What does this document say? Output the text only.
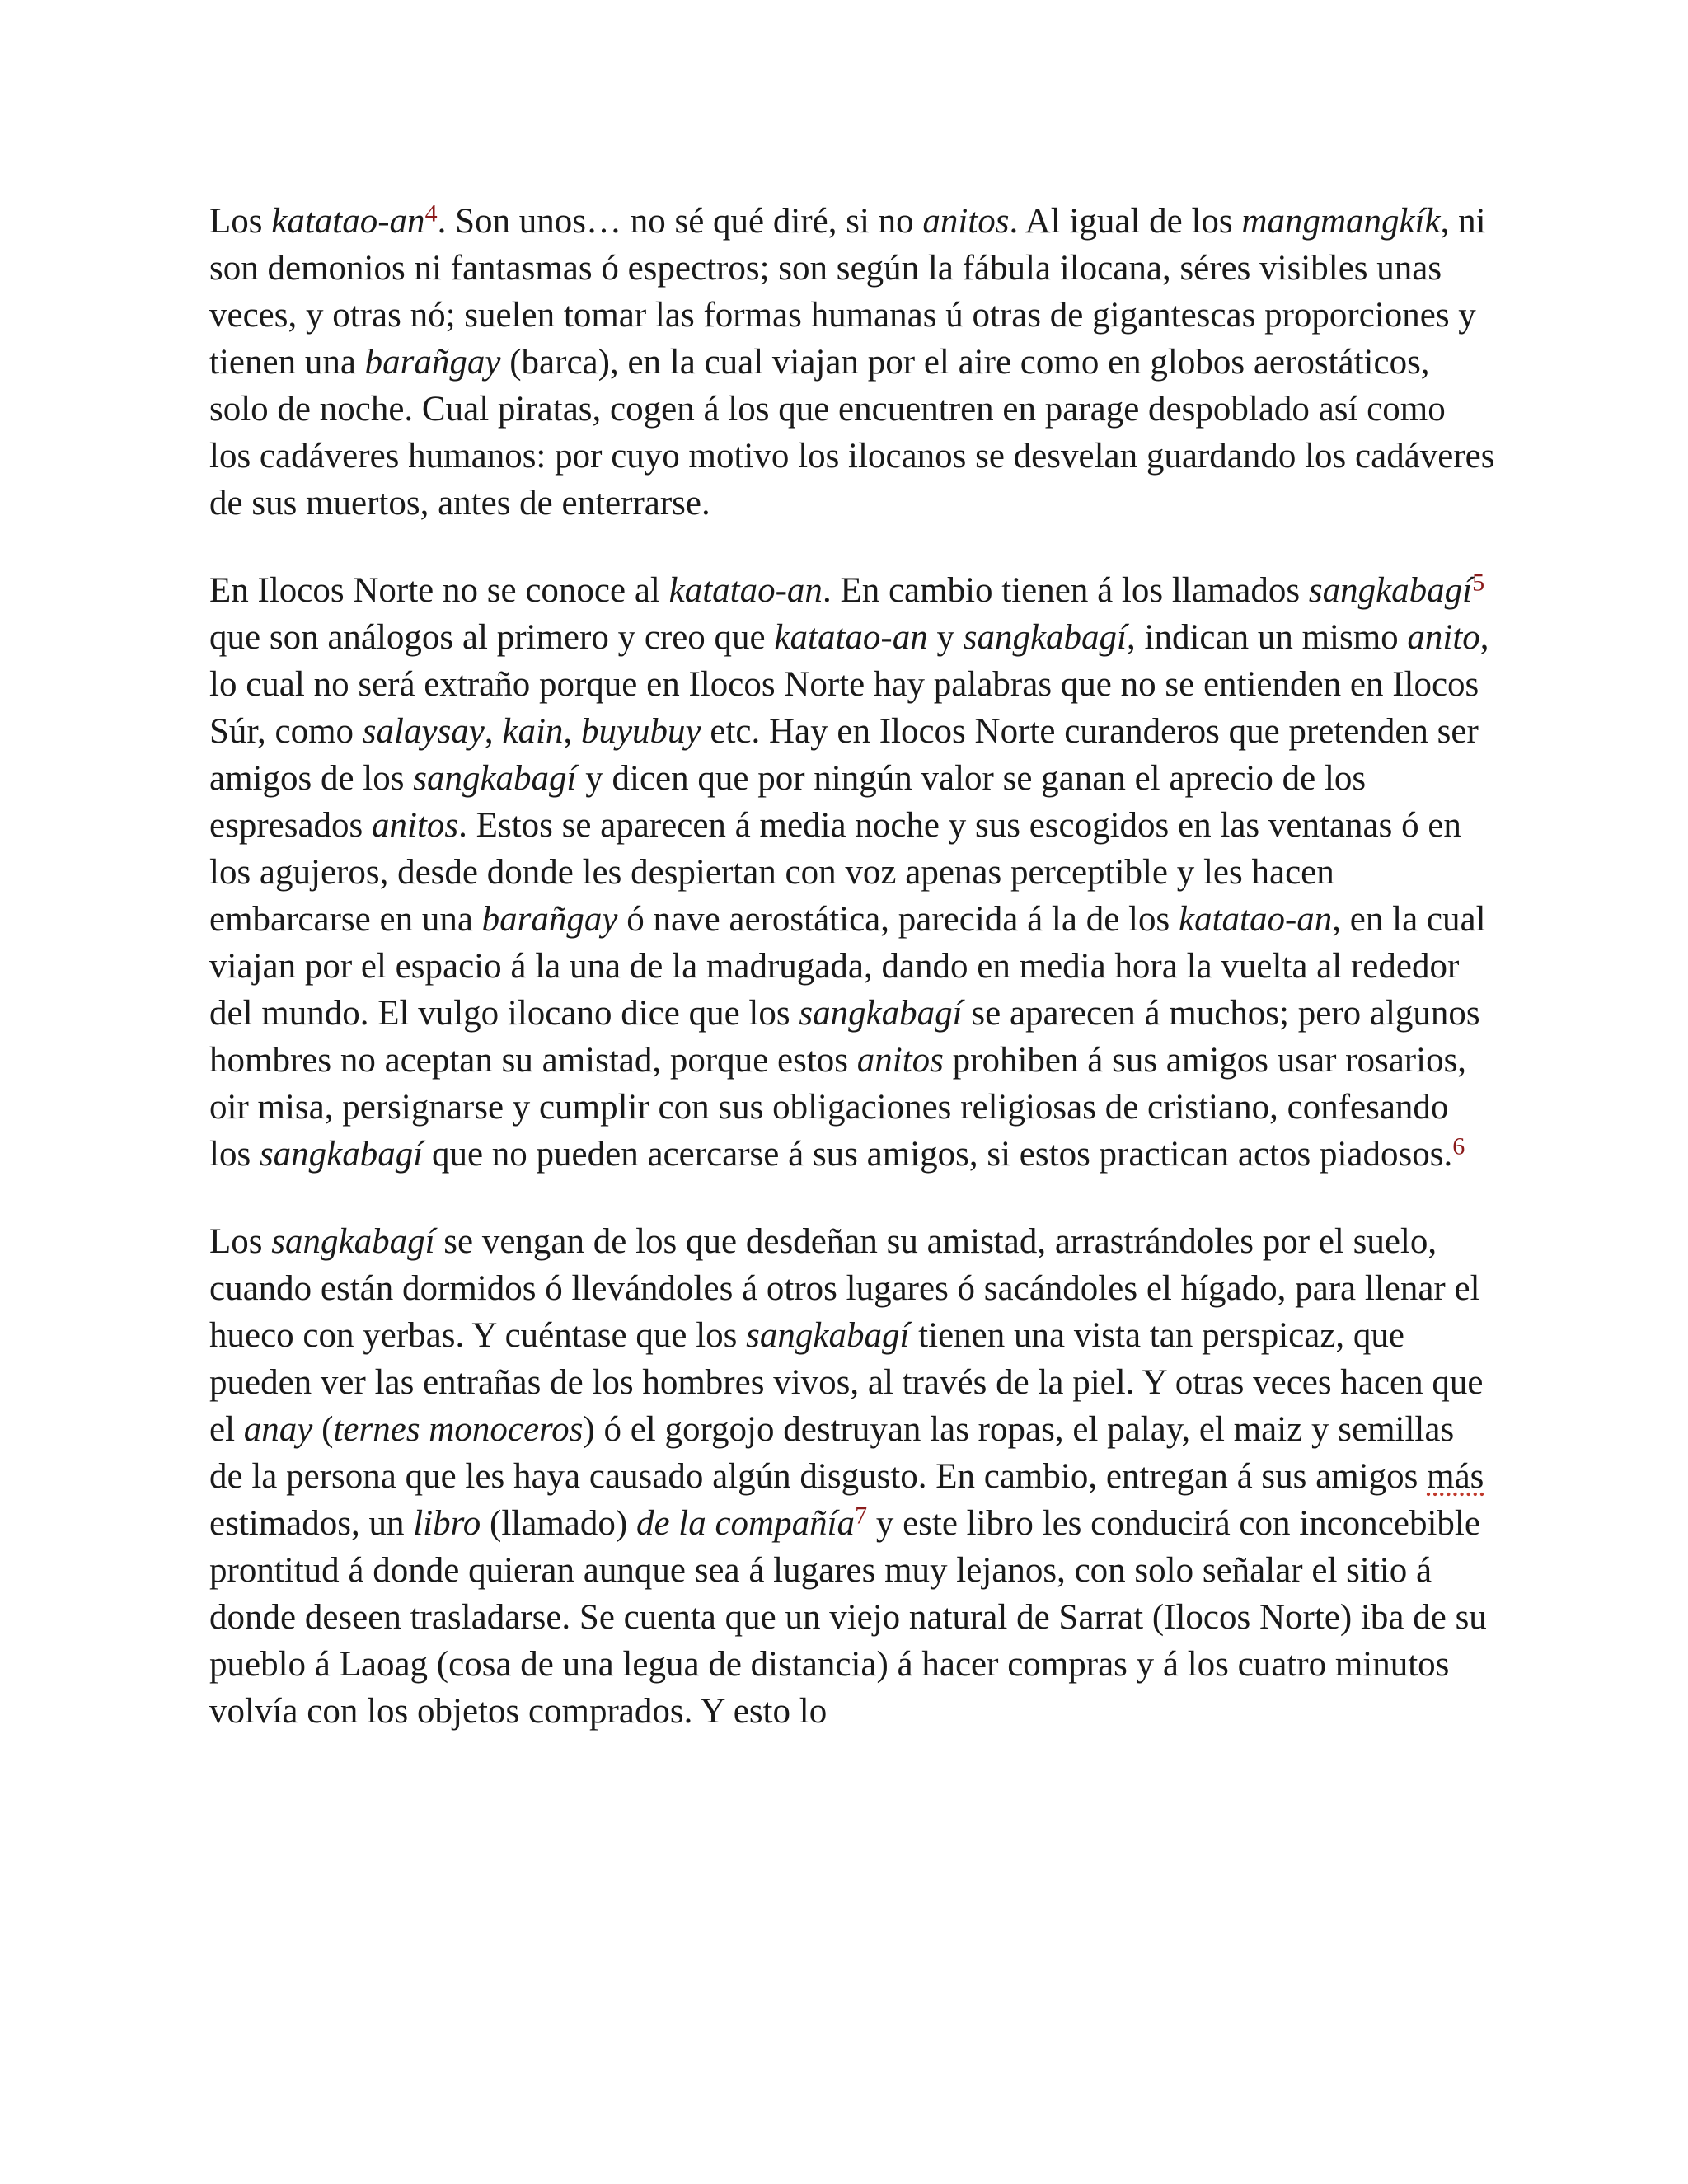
Los katatao-$an^4$. Son unos… no sé qué diré, si no anitos. Al igual de los mangmangkík, ni son demonios ni fantasmas ó espectros; son según la fábula ilocana, séres visibles unas veces, y otras nó; suelen tomar las formas humanas ú otras de gigantescas proporciones y tienen una barañgay (barca), en la cual viajan por el aire como en globos aerostáticos, solo de noche. Cual piratas, cogen á los que encuentren en parage despoblado así como los cadáveres humanos: por cuyo motivo los ilocanos se desvelan guardando los cadáveres de sus muertos, antes de enterrarse.

En Ilocos Norte no se conoce al katatao-an. En cambio tienen á los llamados sangkabagí$^5$ que son análogos al primero y creo que katatao-an y sangkabagí, indican un mismo anito, lo cual no será extraño porque en Ilocos Norte hay palabras que no se entienden en Ilocos Súr, como salaysay, kain, buyubuy etc. Hay en Ilocos Norte curanderos que pretenden ser amigos de los sangkabagí y dicen que por ningún valor se ganan el aprecio de los espresados anitos. Estos se aparecen á media noche y sus escogidos en las ventanas ó en los agujeros, desde donde les despiertan con voz apenas perceptible y les hacen embarcarse en una barañgay ó nave aerostática, parecida á la de los katatao-an, en la cual viajan por el espacio á la una de la madrugada, dando en media hora la vuelta al rededor del mundo. El vulgo ilocano dice que los sangkabagí se aparecen á muchos; pero algunos hombres no aceptan su amistad, porque estos anitos prohiben á sus amigos usar rosarios, oir misa, persignarse y cumplir con sus obligaciones religiosas de cristiano, confesando los sangkabagí que no pueden acercarse á sus amigos, si estos practican actos piadosos.$^6$

Los sangkabagí se vengan de los que desdeñan su amistad, arrastrándoles por el suelo, cuando están dormidos ó llevándoles á otros lugares ó sacándoles el hígado, para llenar el hueco con yerbas. Y cuéntase que los sangkabagí tienen una vista tan perspicaz, que pueden ver las entrañas de los hombres vivos, al través de la piel. Y otras veces hacen que el anay (ternes monoceros) ó el gorgojo destruyan las ropas, el palay, el maiz y semillas de la persona que les haya causado algún disgusto. En cambio, entregan á sus amigos más estimados, un libro (llamado) de la compañía$^7$ y este libro les conducirá con inconcebible prontitud á donde quieran aunque sea á lugares muy lejanos, con solo señalar el sitio á donde deseen trasladarse. Se cuenta que un viejo natural de Sarrat (Ilocos Norte) iba de su pueblo á Laoag (cosa de una legua de distancia) á hacer compras y á los cuatro minutos volvía con los objetos comprados. Y esto lo
